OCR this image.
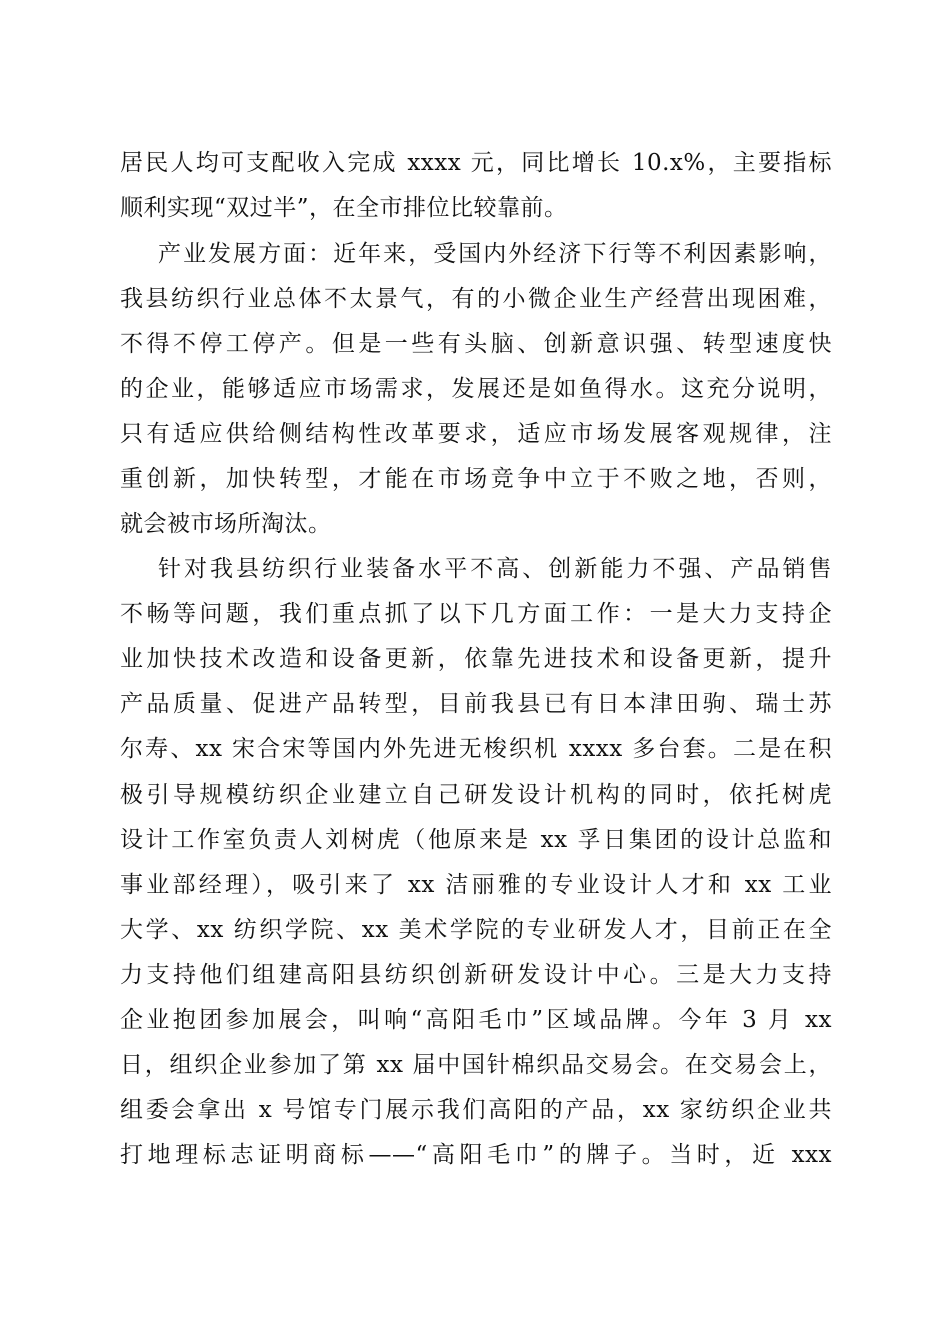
居民人均可支配收入完成 xxxx 元，同比增长 10.x%，主要指标
顺利实现“双过半”，在全市排位比较靠前。
产业发展方面：近年来，受国内外经济下行等不利因素影响，
我县纺织行业总体不太景气，有的小微企业生产经营出现困难，
不得不停工停产。但是一些有头脑、创新意识强、转型速度快
的企业，能够适应市场需求，发展还是如鱼得水。这充分说明，
只有适应供给侧结构性改革要求，适应市场发展客观规律，注
重创新，加快转型，才能在市场竞争中立于不败之地，否则，
就会被市场所淘汰。
针对我县纺织行业装备水平不高、创新能力不强、产品销售
不畅等问题，我们重点抓了以下几方面工作：一是大力支持企
业加快技术改造和设备更新，依靠先进技术和设备更新，提升
产品质量、促进产品转型，目前我县已有日本津田驹、瑞士苏
尔寿、xx 宋合宋等国内外先进无梭织机 xxxx 多台套。二是在积
极引导规模纺织企业建立自己研发设计机构的同时，依托树虎
设计工作室负责人刘树虎（他原来是 xx 孚日集团的设计总监和
事业部经理），吸引来了 xx 洁丽雅的专业设计人才和 xx 工业
大学、xx 纺织学院、xx 美术学院的专业研发人才，目前正在全
力支持他们组建高阳县纺织创新研发设计中心。三是大力支持
企业抱团参加展会，叫响“高阳毛巾”区域品牌。今年 3 月 xx
日，组织企业参加了第 xx 届中国针棉织品交易会。在交易会上，
组委会拿出 x 号馆专门展示我们高阳的产品，xx 家纺织企业共
打地理标志证明商标——“高阳毛巾”的牌子。当时，近 xxx
